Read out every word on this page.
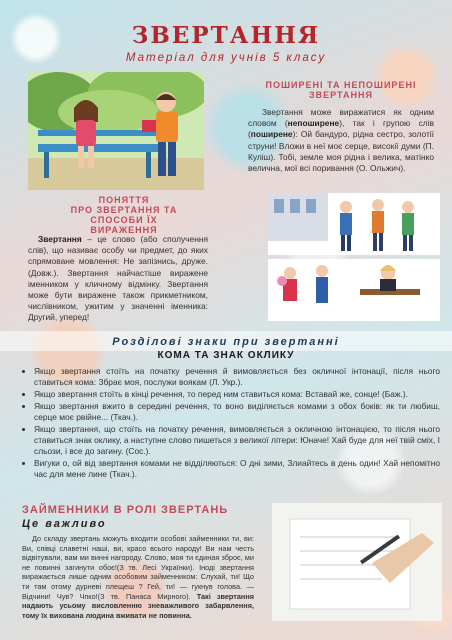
ЗВЕРТАННЯ
Матеріал для учнів 5 класу
ПОНЯТТЯ
ПРО ЗВЕРТАННЯ ТА СПОСОБИ ЇХ
ВИРАЖЕННЯ
Звертання – це слово (або сполучення слів), що називає особу чи предмет, до яких спрямоване мовлення: Не запізнись, друже. (Довж.). Звертання найчастіше виражене іменником у кличному відмінку. Звертання може бути виражене також прикметником, числівником, ужитим у значенні іменника: Другий, уперед!
ПОШИРЕНІ ТА НЕПОШИРЕНІ
ЗВЕРТАННЯ
Звертання може виражатися як одним словом (непоширене), так і групою слів (поширене): Ой бандуро, рідна сестро, золотії струни! Вложи в неї моє серце, високії думи (П. Куліш). Тобі, земле моя рідна і велика, матінко величнa, мої всі поривання (О. Ольжич).
Розділові знаки при звертанні
КОМА ТА ЗНАК ОКЛИКУ
• Якщо звертання стоїть на початку речення й вимовляється без окличної інтонації, після нього ставиться кома: Збрає моя, послужи воякам (Л. Укр.).
• Якщо звертання стоїть в кінці речення, то перед ним ставиться кома: Вставай же, сонце! (Баж.).
• Якщо звертання вжито в середині речення, то воно виділяється комами з обох боків: як ти любиш, серце моє рвійне... (Ткач.).
• Якщо звертання, що стоїть на початку речення, вимовляється з окличною інтонацією, то після нього ставиться знак оклику, а наступне слово пишеться з великої літери: Юначе! Хай буде для неї твій сміх, І сльози, і все до загину. (Сос.).
• Вигуки о, ой від звертання комами не відділяються: О дні зими, Злиайтесь в день один! Хай непомітно час для мене лине (Ткач.).
ЗАЙМЕННИКИ В РОЛІ ЗВЕРТАНЬ
Це важливо
До складу звертань можуть входити особові займенники ти, ви: Ви, співці славетні наші, ви, красо всього народу! Ви нам честь відвітували, вам ми винні нагороду. Слово, моя ти єдиная зброє, ми не повинні загинути обоє!(З тв. Лесі Українки). Іноді звертання виражається лише одним особовим займенником: Слухай, ти! Що ти там отому дурневі плещеш ? Гей, ти! — гукнув голова. — Відчини! Чув? Чпко!(З тв. Панаса Мирного). Такі звертання надають усьому висловленню зневажливого забарвлення, тому їх вихована людина вживати не повинна.
